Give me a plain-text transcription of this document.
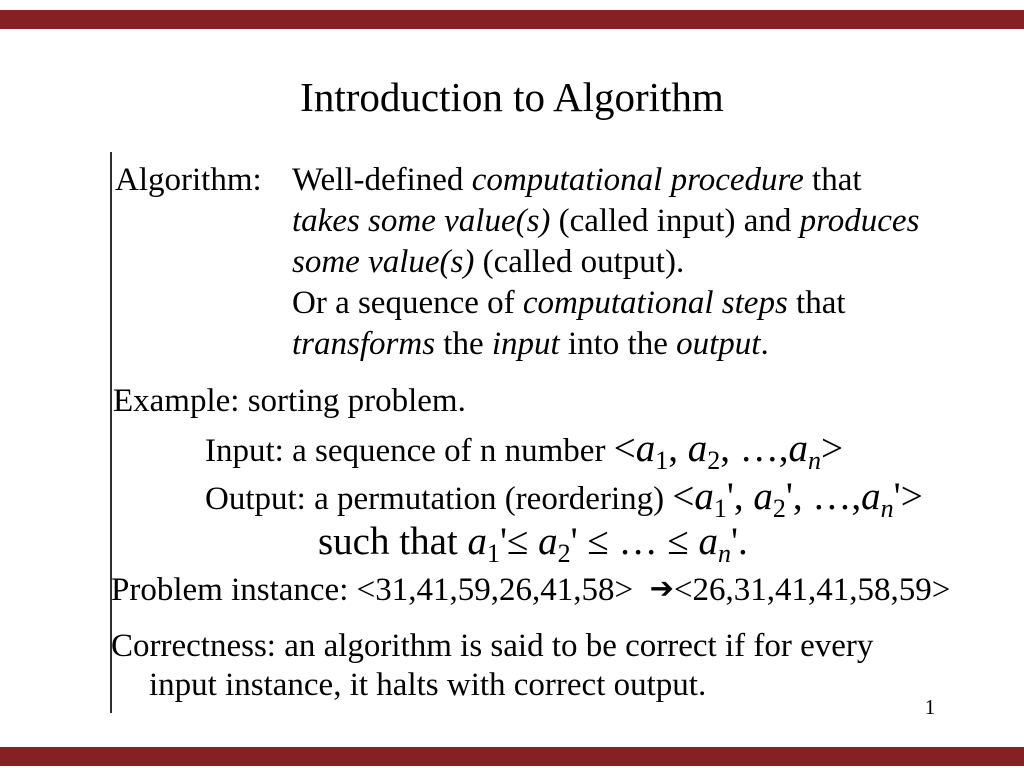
Introduction to Algorithm
Algorithm: Well-defined computational procedure that
takes some value(s) (called input) and produces
some value(s) (called output).
Or a sequence of computational steps that
transforms the input into the output.
Example: sorting problem.
Input: a sequence of n number $<a_1$, $a_2$, $\dots,a_n>$
Output: a permutation (reordering) $<a_1'$, $a_2'$, $\dots,a_n'>$
such that $a_1'\le a_2'$ ≤ … ≤ $a_n'$.
Problem instance: <31,41,59,26,41,58>  ➔<26,31,41,41,58,59>
Correctness: an algorithm is said to be correct if for every
input instance, it halts with correct output.
1
